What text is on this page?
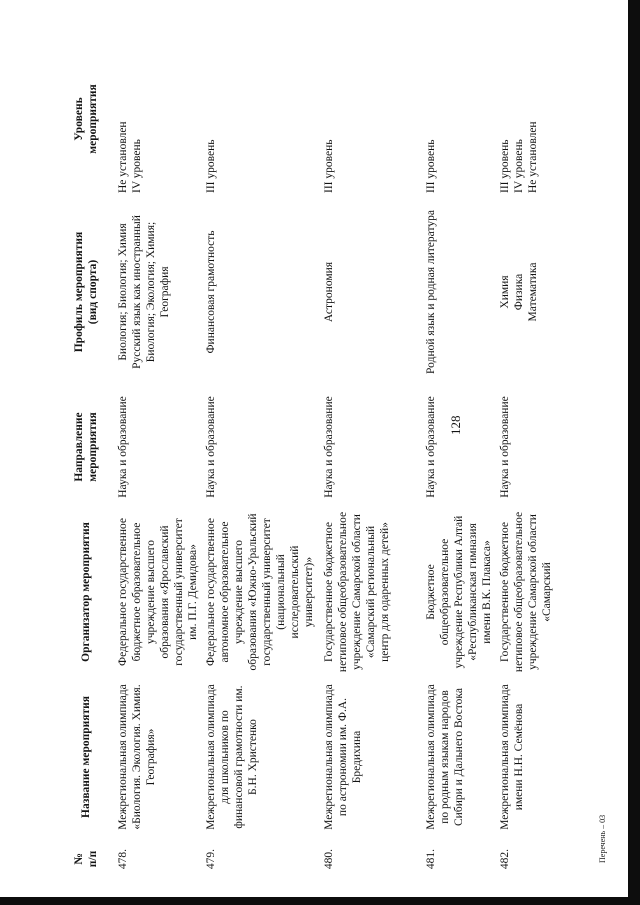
128
№ п/п	Название мероприятия	Организатор мероприятия	Направление мероприятия	Профиль мероприятия (вид спорта)	Уровень мероприятия

478.	Межрегиональная олимпиада «Биология. Экология. Химия. География»	Федеральное государственное бюджетное образовательное учреждение высшего образования «Ярославский государственный университет им. П.Г. Демидова»	Наука и образование	Биология; Биология; Химия Русский язык как иностранный Биология; Экология; Химия; География	Не установлен IV уровень

479.	Межрегиональная олимпиада для школьников по финансовой грамотности им. Б.Н. Христенко	Федеральное государственное автономное образовательное учреждение высшего образования «Южно-Уральский государственный университет (национальный исследовательский университет)»	Наука и образование	Финансовая грамотность	III уровень

480.	Межрегиональная олимпиада по астрономии им. Ф.А. Бредихина	Государственное бюджетное нетиповое общеобразовательное учреждение Самарской области «Самарский региональный центр для одаренных детей»	Наука и образование	Астрономия	III уровень

481.	Межрегиональная олимпиада по родным языкам народов Сибири и Дальнего Востока	Бюджетное общеобразовательное учреждение Республики Алтай «Республиканская гимназия имени В.К. Плакаса»	Наука и образование	Родной язык и родная литература	III уровень

482.	Межрегиональная олимпиада имени Н.Н. Семёнова	Государственное бюджетное нетиповое общеобразовательное учреждение Самарской области «Самарский	Наука и образование	Химия Физика Математика	III уровень IV уровень Не установлен
Перечень – 03
